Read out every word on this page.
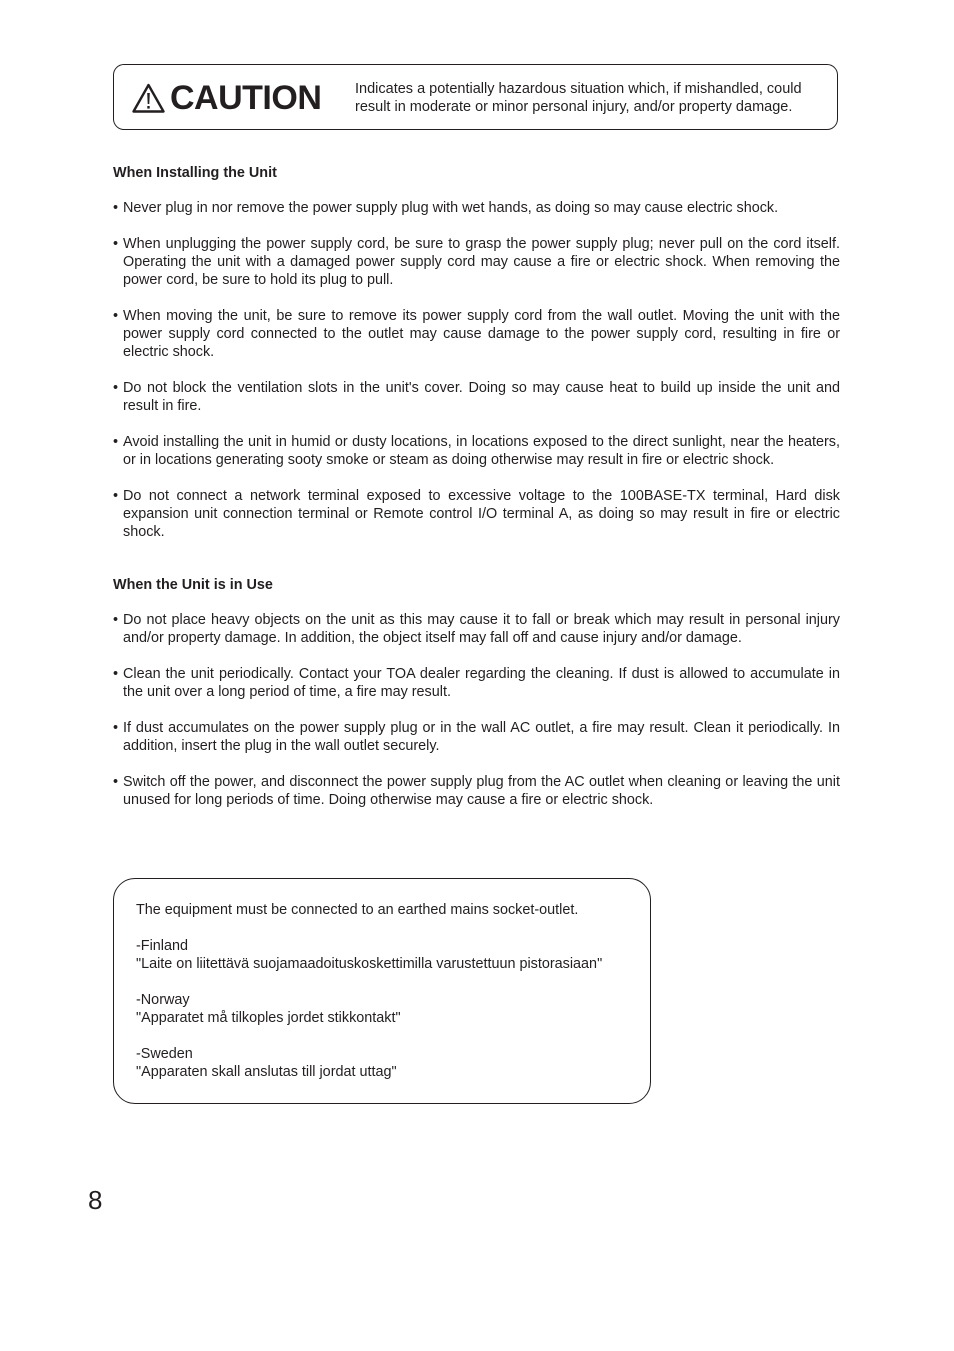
CAUTION Indicates a potentially hazardous situation which, if mishandled, could
result in moderate or minor personal injury, and/or property damage.
When Installing the Unit
• Never plug in nor remove the power supply plug with wet hands, as doing so may cause electric shock.
• When unplugging the power supply cord, be sure to grasp the power supply plug; never pull on the cord itself. Operating the unit with a damaged power supply cord may cause a fire or electric shock. When removing the power cord, be sure to hold its plug to pull.
• When moving the unit, be sure to remove its power supply cord from the wall outlet. Moving the unit with the power supply cord connected to the outlet may cause damage to the power supply cord, resulting in fire or electric shock.
• Do not block the ventilation slots in the unit's cover. Doing so may cause heat to build up inside the unit and result in fire.
• Avoid installing the unit in humid or dusty locations, in locations exposed to the direct sunlight, near the heaters, or in locations generating sooty smoke or steam as doing otherwise may result in fire or electric shock.
• Do not connect a network terminal exposed to excessive voltage to the 100BASE-TX terminal, Hard disk expansion unit connection terminal or Remote control I/O terminal A, as doing so may result in fire or electric shock.
When the Unit is in Use
• Do not place heavy objects on the unit as this may cause it to fall or break which may result in personal injury and/or property damage. In addition, the object itself may fall off and cause injury and/or damage.
• Clean the unit periodically. Contact your TOA dealer regarding the cleaning. If dust is allowed to accumulate in the unit over a long period of time, a fire may result.
• If dust accumulates on the power supply plug or in the wall AC outlet, a fire may result. Clean it periodically. In addition, insert the plug in the wall outlet securely.
• Switch off the power, and disconnect the power supply plug from the AC outlet when cleaning or leaving the unit unused for long periods of time. Doing otherwise may cause a fire or electric shock.

The equipment must be connected to an earthed mains socket-outlet.

-Finland

"Laite on liitettävä suojamaadoituskoskettimilla varustettuun pistorasiaan"

-Norway

"Apparatet må tilkoples jordet stikkontakt"

-Sweden

"Apparaten skall anslutas till jordat uttag"

8
